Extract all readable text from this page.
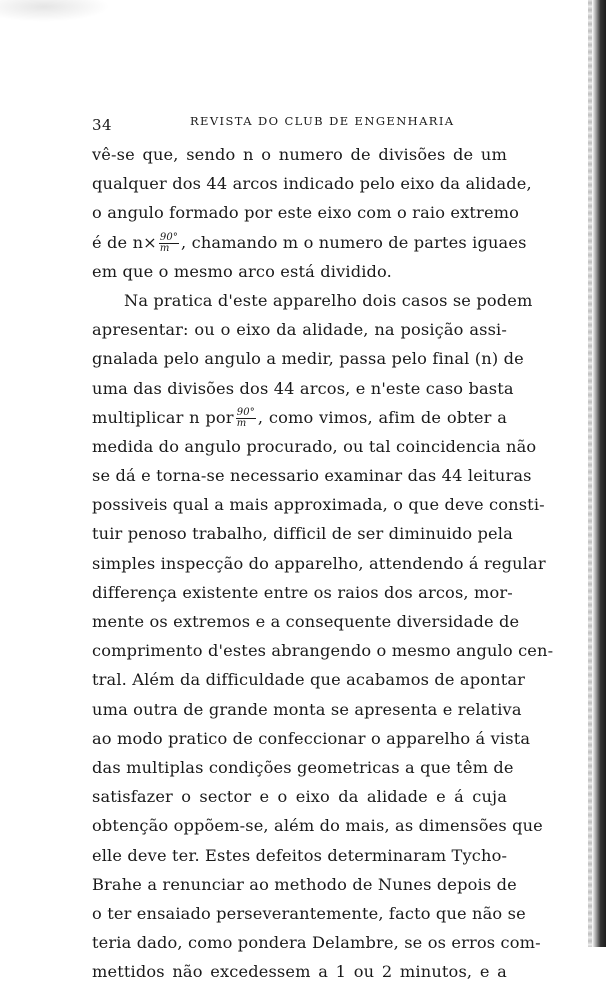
34	REVISTA DO CLUB DE ENGENHARIA
vê-se que, sendo n o numero de divisões de um
qualquer dos 44 arcos indicado pelo eixo da alidade,
o angulo formado por este eixo com o raio extremo
é de $n\times \frac{90^\circ}{m}$ , chamando m o numero de partes iguaes
em que o mesmo arco está dividido.
Na pratica d'este apparelho dois casos se podem
apresentar: ou o eixo da alidade, na posição assi-
gnalada pelo angulo a medir, passa pelo final (n) de
uma das divisões dos 44 arcos, e n'este caso basta
multiplicar n por $\frac{90^\circ}{m}$ , como vimos, afim de obter a
medida do angulo procurado, ou tal coincidencia não
se dá e torna-se necessario examinar das 44 leituras
possiveis qual a mais approximada, o que deve consti-
tuir penoso trabalho, difficil de ser diminuido pela
simples inspecção do apparelho, attendendo á regular
differença existente entre os raios dos arcos, mor-
mente os extremos e a consequente diversidade de
comprimento d'estes abrangendo o mesmo angulo cen-
tral. Além da difficuldade que acabamos de apontar
uma outra de grande monta se apresenta e relativa
ao modo pratico de confeccionar o apparelho á vista
das multiplas condições geometricas a que têm de
satisfazer o sector e o eixo da alidade e á cuja
obtenção oppõem-se, além do mais, as dimensões que
elle deve ter. Estes defeitos determinaram Tycho-
Brahe a renunciar ao methodo de Nunes depois de
o ter ensaiado perseverantemente, facto que não se
teria dado, como pondera Delambre, se os erros com-
mettidos não excedessem a 1 ou 2 minutos, e a
